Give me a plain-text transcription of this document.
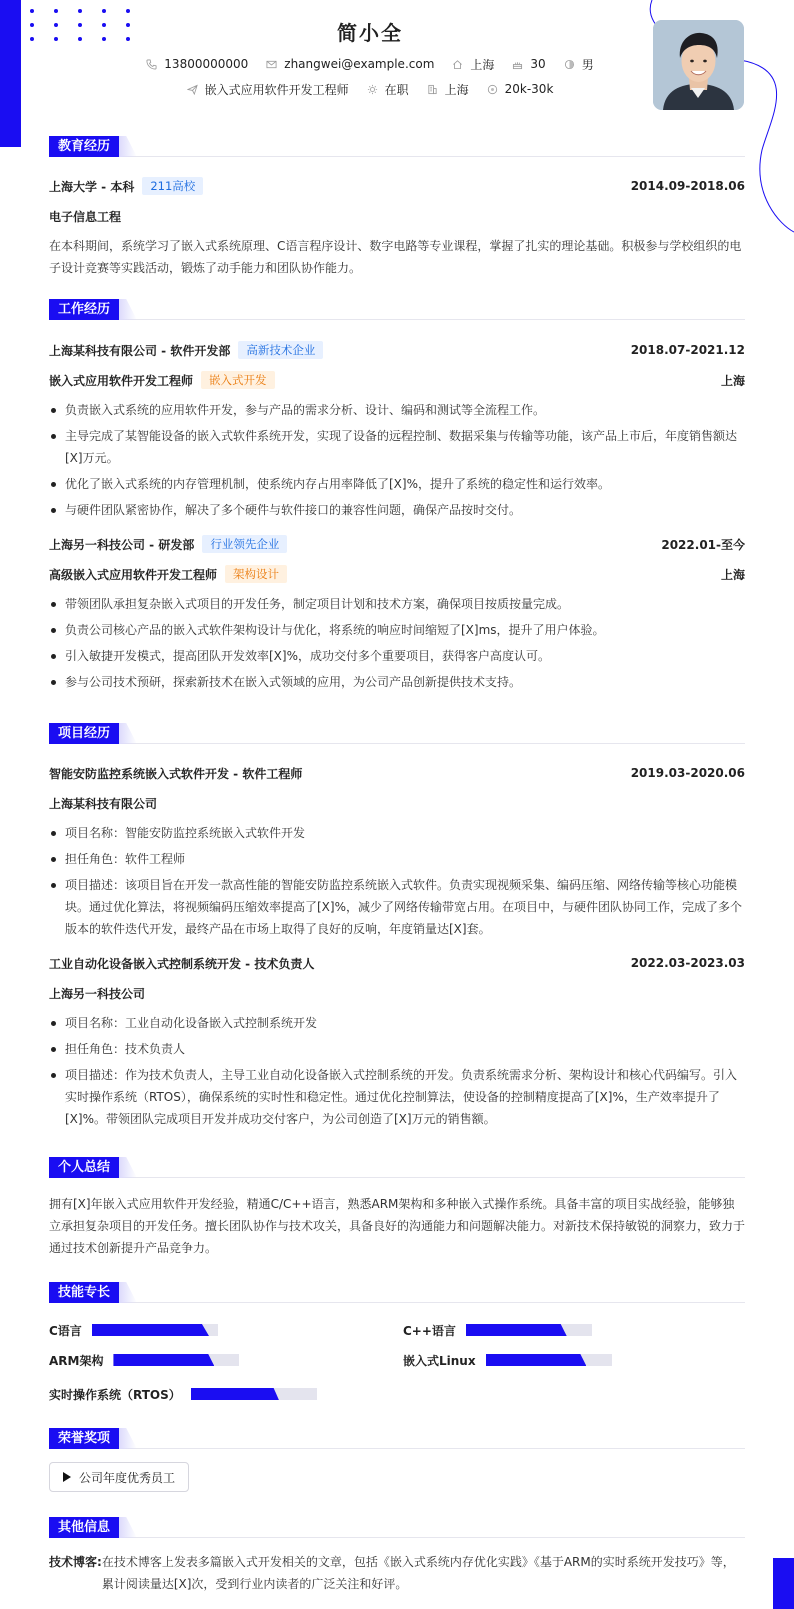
简小全
13800000000	zhangwei@example.com	上海	30	男
嵌入式应用软件开发工程师	在职	上海	20k-30k
教育经历
上海大学 - 本科	211高校	2014.09-2018.06
电子信息工程
在本科期间，系统学习了嵌入式系统原理、C语言程序设计、数字电路等专业课程，掌握了扎实的理论基础。积极参与学校组织的电子设计竞赛等实践活动，锻炼了动手能力和团队协作能力。
工作经历
上海某科技有限公司 - 软件开发部	高新技术企业	2018.07-2021.12
嵌入式应用软件开发工程师	嵌入式开发	上海
负责嵌入式系统的应用软件开发，参与产品的需求分析、设计、编码和测试等全流程工作。
主导完成了某智能设备的嵌入式软件系统开发，实现了设备的远程控制、数据采集与传输等功能，该产品上市后，年度销售额达[X]万元。
优化了嵌入式系统的内存管理机制，使系统内存占用率降低了[X]%，提升了系统的稳定性和运行效率。
与硬件团队紧密协作，解决了多个硬件与软件接口的兼容性问题，确保产品按时交付。
上海另一科技公司 - 研发部	行业领先企业	2022.01-至今
高级嵌入式应用软件开发工程师	架构设计	上海
带领团队承担复杂嵌入式项目的开发任务，制定项目计划和技术方案，确保项目按质按量完成。
负责公司核心产品的嵌入式软件架构设计与优化，将系统的响应时间缩短了[X]ms，提升了用户体验。
引入敏捷开发模式，提高团队开发效率[X]%，成功交付多个重要项目，获得客户高度认可。
参与公司技术预研，探索新技术在嵌入式领域的应用，为公司产品创新提供技术支持。
项目经历
智能安防监控系统嵌入式软件开发 - 软件工程师	2019.03-2020.06
上海某科技有限公司
项目名称：智能安防监控系统嵌入式软件开发
担任角色：软件工程师
项目描述：该项目旨在开发一款高性能的智能安防监控系统嵌入式软件。负责实现视频采集、编码压缩、网络传输等核心功能模块。通过优化算法，将视频编码压缩效率提高了[X]%，减少了网络传输带宽占用。在项目中，与硬件团队协同工作，完成了多个版本的软件迭代开发，最终产品在市场上取得了良好的反响，年度销量达[X]套。
工业自动化设备嵌入式控制系统开发 - 技术负责人	2022.03-2023.03
上海另一科技公司
项目名称：工业自动化设备嵌入式控制系统开发
担任角色：技术负责人
项目描述：作为技术负责人，主导工业自动化设备嵌入式控制系统的开发。负责系统需求分析、架构设计和核心代码编写。引入实时操作系统（RTOS），确保系统的实时性和稳定性。通过优化控制算法，使设备的控制精度提高了[X]%，生产效率提升了[X]%。带领团队完成项目开发并成功交付客户，为公司创造了[X]万元的销售额。
个人总结
拥有[X]年嵌入式应用软件开发经验，精通C/C++语言，熟悉ARM架构和多种嵌入式操作系统。具备丰富的项目实战经验，能够独立承担复杂项目的开发任务。擅长团队协作与技术攻关，具备良好的沟通能力和问题解决能力。对新技术保持敏锐的洞察力，致力于通过技术创新提升产品竞争力。
技能专长
C语言	C++语言
ARM架构	嵌入式Linux
实时操作系统（RTOS）
荣誉奖项
公司年度优秀员工
其他信息
技术博客: 在技术博客上发表多篇嵌入式开发相关的文章，包括《嵌入式系统内存优化实践》《基于ARM的实时系统开发技巧》等，累计阅读量达[X]次，受到行业内读者的广泛关注和好评。
